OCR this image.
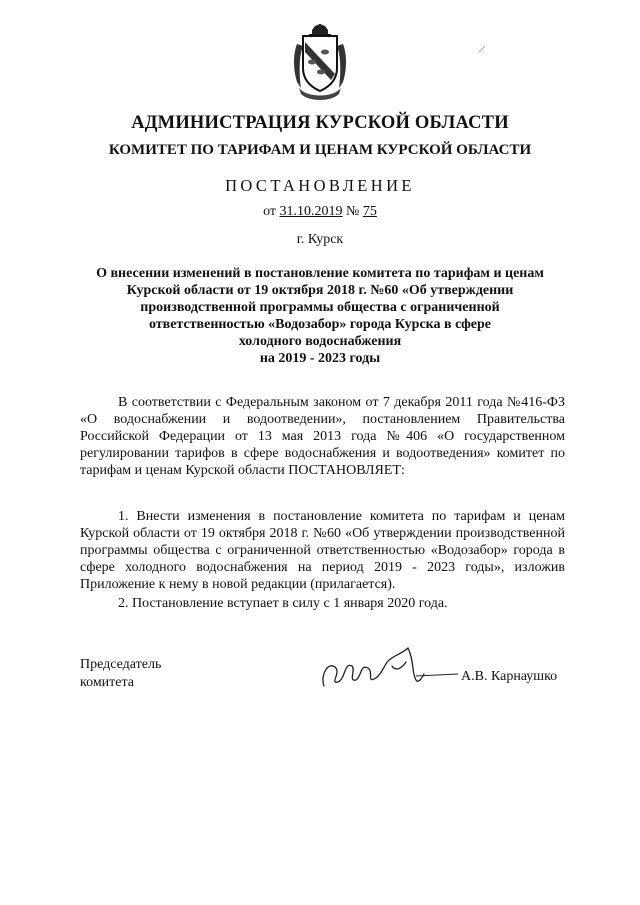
АДМИНИСТРАЦИЯ КУРСКОЙ ОБЛАСТИ
КОМИТЕТ ПО ТАРИФАМ И ЦЕНАМ КУРСКОЙ ОБЛАСТИ
ПОСТАНОВЛЕНИЕ
от 31.10.2019 № 75
г. Курск
О внесении изменений в постановление комитета по тарифам и ценам
Курской области от 19 октября 2018 г. №60 «Об утверждении
производственной программы общества с ограниченной
ответственностью «Водозабор» города Курска в сфере
холодного водоснабжения
на 2019 - 2023 годы
В соответствии с Федеральным законом от 7 декабря 2011 года №416-ФЗ «О водоснабжении и водоотведении», постановлением Правительства Российской Федерации от 13 мая 2013 года №406 «О государственном регулировании тарифов в сфере водоснабжения и водоотведения» комитет по тарифам и ценам Курской области ПОСТАНОВЛЯЕТ:
1. Внести изменения в постановление комитета по тарифам и ценам Курской области от 19 октября 2018 г. №60 «Об утверждении производственной программы общества с ограниченной ответственностью «Водозабор» города в сфере холодного водоснабжения на период 2019 - 2023 годы», изложив Приложение к нему в новой редакции (прилагается).
2. Постановление вступает в силу с 1 января 2020 года.
Председатель
комитета	А.В. Карнаушко
